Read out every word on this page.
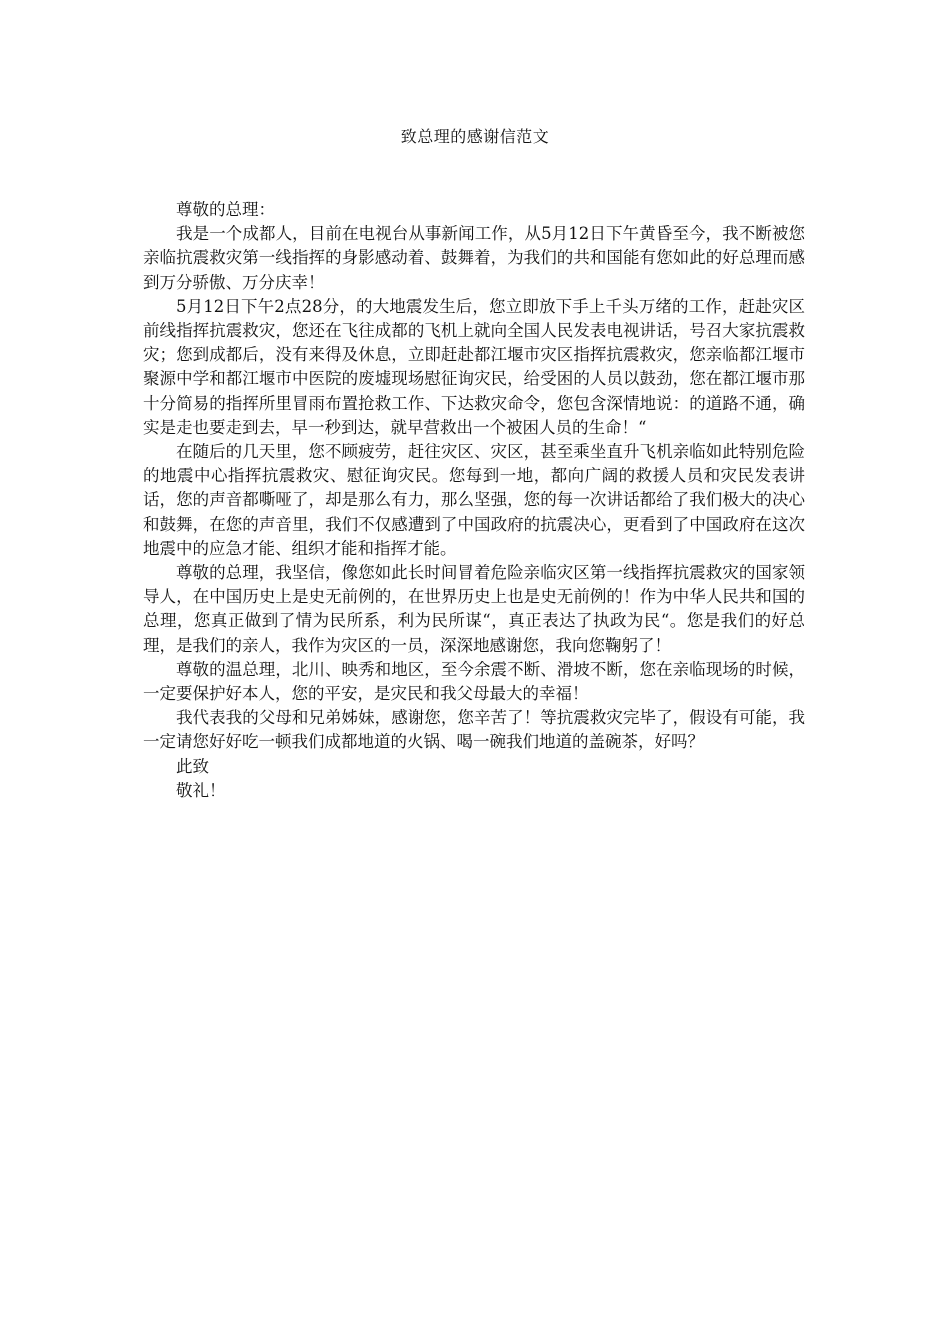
致总理的感谢信范文

尊敬的总理：

我是一个成都人，目前在电视台从事新闻工作，从5月12日下午黄昏至今，我不断被您亲临抗震救灾第一线指挥的身影感动着、鼓舞着，为我们的共和国能有您如此的好总理而感到万分骄傲、万分庆幸！

5月12日下午2点28分，的大地震发生后，您立即放下手上千头万绪的工作，赶赴灾区前线指挥抗震救灾，您还在飞往成都的飞机上就向全国人民发表电视讲话，号召大家抗震救灾；您到成都后，没有来得及休息，立即赶赴都江堰市灾区指挥抗震救灾，您亲临都江堰市聚源中学和都江堰市中医院的废墟现场慰征询灾民，给受困的人员以鼓劲，您在都江堰市那十分简易的指挥所里冒雨布置抢救工作、下达救灾命令，您包含深情地说：的道路不通，确实是走也要走到去，早一秒到达，就早营救出一个被困人员的生命！“

在随后的几天里，您不顾疲劳，赶往灾区、灾区，甚至乘坐直升飞机亲临如此特别危险的地震中心指挥抗震救灾、慰征询灾民。您每到一地，都向广阔的救援人员和灾民发表讲话，您的声音都嘶哑了，却是那么有力，那么坚强，您的每一次讲话都给了我们极大的决心和鼓舞，在您的声音里，我们不仅感遭到了中国政府的抗震决心，更看到了中国政府在这次地震中的应急才能、组织才能和指挥才能。

尊敬的总理，我坚信，像您如此长时间冒着危险亲临灾区第一线指挥抗震救灾的国家领导人，在中国历史上是史无前例的，在世界历史上也是史无前例的！作为中华人民共和国的总理，您真正做到了情为民所系，利为民所谋“，真正表达了执政为民“。您是我们的好总理，是我们的亲人，我作为灾区的一员，深深地感谢您，我向您鞠躬了！

尊敬的温总理，北川、映秀和地区，至今余震不断、滑坡不断，您在亲临现场的时候，一定要保护好本人，您的平安，是灾民和我父母最大的幸福！

我代表我的父母和兄弟姊妹，感谢您，您辛苦了！等抗震救灾完毕了，假设有可能，我一定请您好好吃一顿我们成都地道的火锅、喝一碗我们地道的盖碗茶，好吗？

此致

敬礼！
